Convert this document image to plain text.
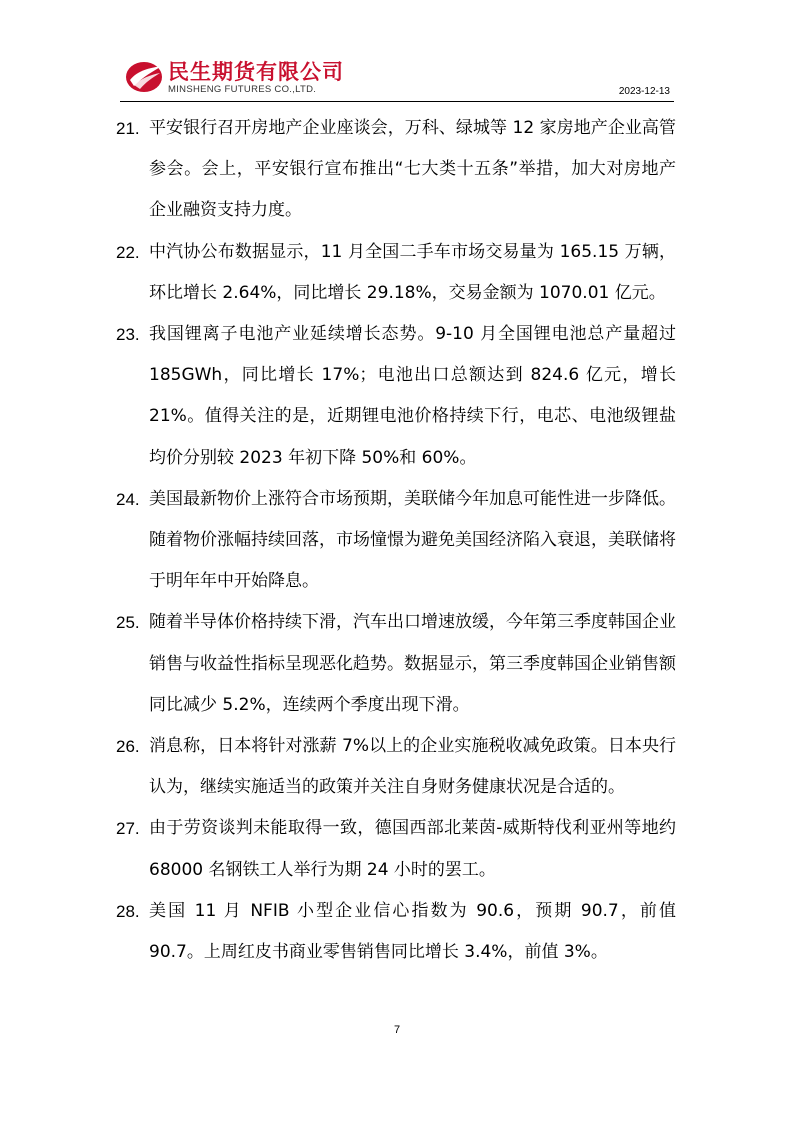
民生期货有限公司
MINSHENG FUTURES CO.,LTD.	2023-12-13
21. 平安银行召开房地产企业座谈会，万科、绿城等 12 家房地产企业高管参会。会上，平安银行宣布推出“七大类十五条”举措，加大对房地产企业融资支持力度。
22. 中汽协公布数据显示，11 月全国二手车市场交易量为 165.15 万辆，环比增长 2.64%，同比增长 29.18%，交易金额为 1070.01 亿元。
23. 我国锂离子电池产业延续增长态势。9-10 月全国锂电池总产量超过 185GWh，同比增长 17%；电池出口总额达到 824.6 亿元，增长 21%。值得关注的是，近期锂电池价格持续下行，电芯、电池级锂盐均价分别较 2023 年初下降 50%和 60%。
24. 美国最新物价上涨符合市场预期，美联储今年加息可能性进一步降低。随着物价涨幅持续回落，市场憧憬为避免美国经济陷入衰退，美联储将于明年年中开始降息。
25. 随着半导体价格持续下滑，汽车出口增速放缓，今年第三季度韩国企业销售与收益性指标呈现恶化趋势。数据显示，第三季度韩国企业销售额同比减少 5.2%，连续两个季度出现下滑。
26. 消息称，日本将针对涨薪 7%以上的企业实施税收减免政策。日本央行认为，继续实施适当的政策并关注自身财务健康状况是合适的。
27. 由于劳资谈判未能取得一致，德国西部北莱茵-威斯特伐利亚州等地约 68000 名钢铁工人举行为期 24 小时的罢工。
28. 美国 11 月 NFIB 小型企业信心指数为 90.6，预期 90.7，前值 90.7。上周红皮书商业零售销售同比增长 3.4%，前值 3%。
7
